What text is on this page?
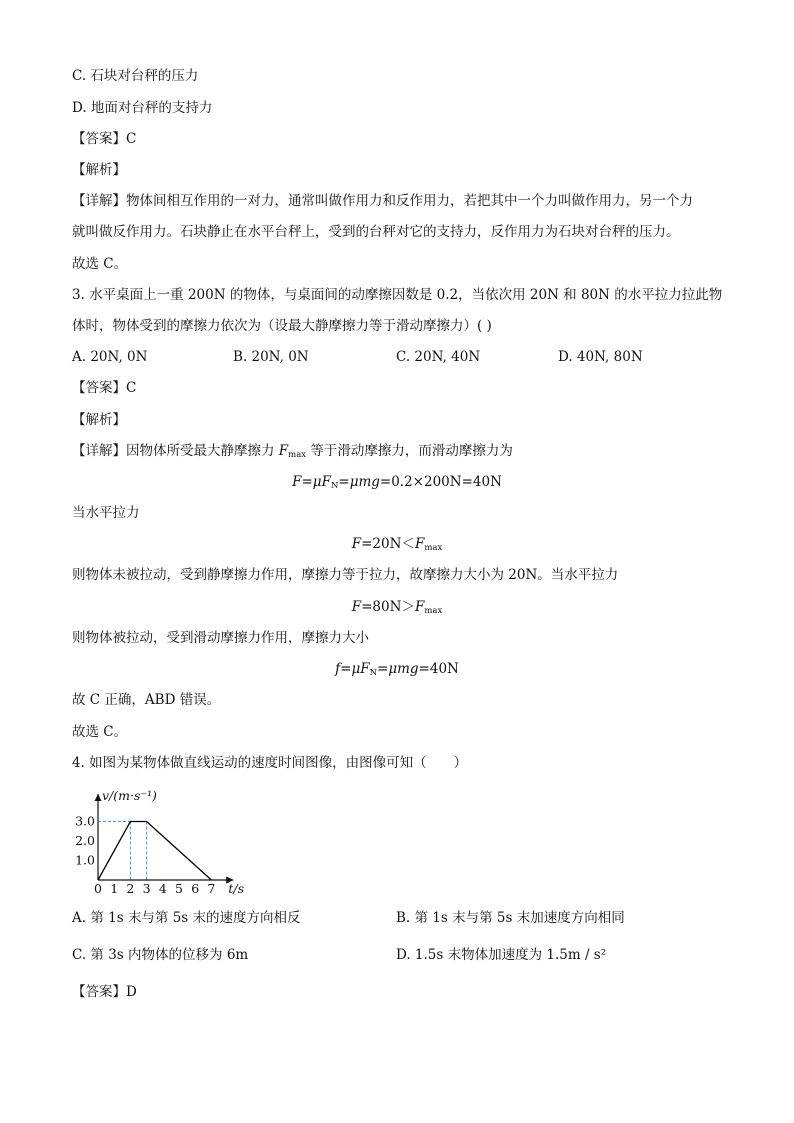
C. 石块对台秤的压力
D. 地面对台秤的支持力
【答案】C
【解析】
【详解】物体间相互作用的一对力，通常叫做作用力和反作用力，若把其中一个力叫做作用力，另一个力
就叫做反作用力。石块静止在水平台秤上，受到的台秤对它的支持力，反作用力为石块对台秤的压力。
故选 C。
3. 水平桌面上一重 200N 的物体，与桌面间的动摩擦因数是 0.2，当依次用 20N 和 80N 的水平拉力拉此物
体时，物体受到的摩擦力依次为（设最大静摩擦力等于滑动摩擦力）( )
A. 20N, 0N	B. 20N, 0N	C. 20N, 40N	D. 40N, 80N
【答案】C
【解析】
【详解】因物体所受最大静摩擦力 $F_{max}$ 等于滑动摩擦力，而滑动摩擦力为
$F=\mu F_N=\mu mg=0.2\times 200N=40N$
当水平拉力
$F=20N<F_{max}$
则物体未被拉动，受到静摩擦力作用，摩擦力等于拉力，故摩擦力大小为 20N。当水平拉力
$F=80N>F_{max}$
则物体被拉动，受到滑动摩擦力作用，摩擦力大小
$f=\mu F_N=\mu mg=40N$
故 C 正确，ABD 错误。
故选 C。
4. 如图为某物体做直线运动的速度时间图像，由图像可知（　　）
0 1 2 3 4 5 6 7
1.0
2.0
3.0
v/(m·s⁻¹)
t/s
A. 第 1s 末与第 5s 末的速度方向相反	B. 第 1s 末与第 5s 末加速度方向相同
C. 第 3s 内物体的位移为 6m	D. 1.5s 末物体加速度为 1.5m / s²
【答案】D
